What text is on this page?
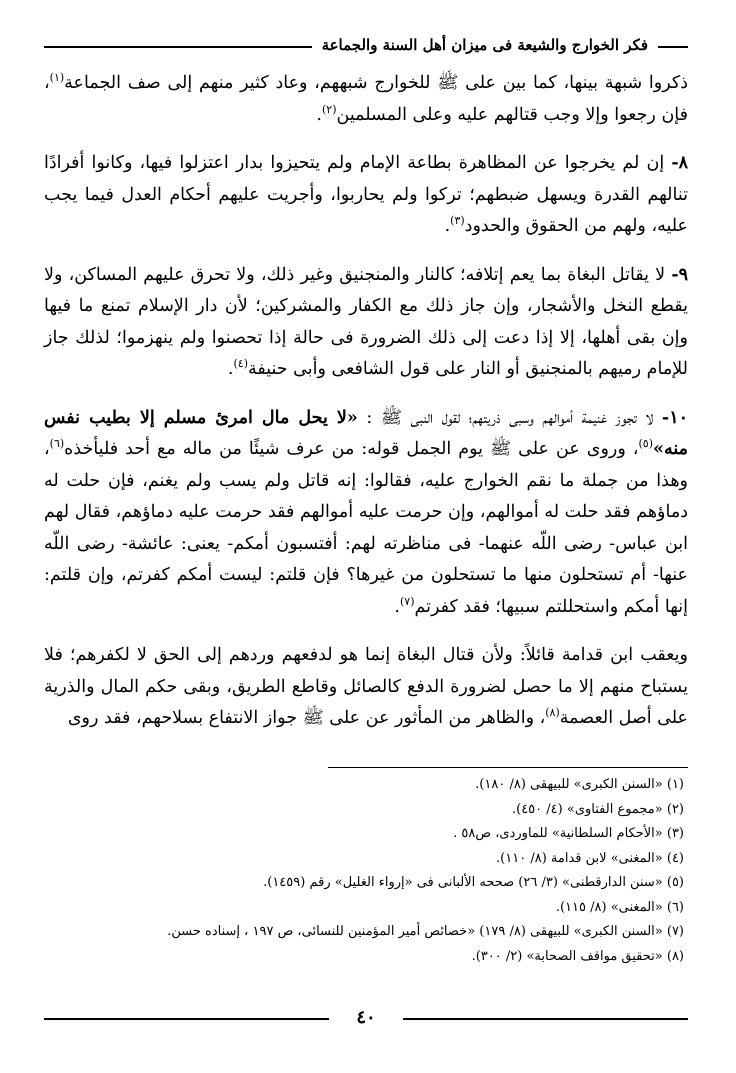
فكر الخوارج والشيعة فى ميزان أهل السنة والجماعة

ذكروا شبهة بينها، كما بين على ﷺ للخوارج شبههم، وعاد كثير منهم إلى صف الجماعة$^{(١)}$، فإن رجعوا وإلا وجب قتالهم عليه وعلى المسلمين$^{(٢)}$.

٨- إن لم يخرجوا عن المظاهرة بطاعة الإمام ولم يتحيزوا بدار اعتزلوا فيها، وكانوا أفرادًا تنالهم القدرة ويسهل ضبطهم؛ تركوا ولم يحاربوا، وأجريت عليهم أحكام العدل فيما يجب عليه، ولهم من الحقوق والحدود$^{(٣)}$.

٩- لا يقاتل البغاة بما يعم إتلافه؛ كالنار والمنجنيق وغير ذلك، ولا تحرق عليهم المساكن، ولا يقطع النخل والأشجار، وإن جاز ذلك مع الكفار والمشركين؛ لأن دار الإسلام تمنع ما فيها وإن بقى أهلها، إلا إذا دعت إلى ذلك الضرورة فى حالة إذا تحصنوا ولم ينهزموا؛ لذلك جاز للإمام رميهم بالمنجنيق أو النار على قول الشافعى وأبى حنيفة$^{(٤)}$.

١٠- لا تجوز غنيمة أموالهم وسبى ذريتهم؛ لقول النبى ﷺ : «لا يحل مال امرئ مسلم إلا بطيب نفس منه»$^{(٥)}$، وروى عن على ﷺ يوم الجمل قوله: من عرف شيئًا من ماله مع أحد فليأخذه$^{(٦)}$، وهذا من جملة ما نقم الخوارج عليه، فقالوا: إنه قاتل ولم يسب ولم يغنم، فإن حلت له دماؤهم فقد حلت له أموالهم، وإن حرمت عليه أموالهم فقد حرمت عليه دماؤهم، فقال لهم ابن عباس- رضى اللّه عنهما- فى مناظرته لهم: أفتسبون أمكم- يعنى: عائشة- رضى اللّه عنها- أم تستحلون منها ما تستحلون من غيرها؟ فإن قلتم: ليست أمكم كفرتم، وإن قلتم: إنها أمكم واستحللتم سبيها؛ فقد كفرتم$^{(٧)}$.

ويعقب ابن قدامة قائلاً: ولأن قتال البغاة إنما هو لدفعهم وردهم إلى الحق لا لكفرهم؛ فلا يستباح منهم إلا ما حصل لضرورة الدفع كالصائل وقاطع الطريق، وبقى حكم المال والذرية على أصل العصمة$^{(٨)}$، والظاهر من المأثور عن على ﷺ جواز الانتفاع بسلاحهم، فقد روى

(١) «السنن الكبرى» للبيهقى (٨/ ١٨٠).

(٢) «مجموع الفتاوى» (٤/ ٤٥٠).

(٣) «الأحكام السلطانية» للماوردى، ص٥٨ .

(٤) «المغنى» لابن قدامة (٨/ ١١٠).

(٥) «سنن الدارقطنى» (٣/ ٢٦) صححه الألبانى فى «إرواء الغليل» رقم (١٤٥٩).

(٦) «المغنى» (٨/ ١١٥).

(٧) «السنن الكبرى» للبيهقى (٨/ ١٧٩) «خصائص أمير المؤمنين للنسائى، ص ١٩٧ ، إسناده حسن.

(٨) «تحقيق مواقف الصحابة» (٢/ ٣٠٠).

٤٠
